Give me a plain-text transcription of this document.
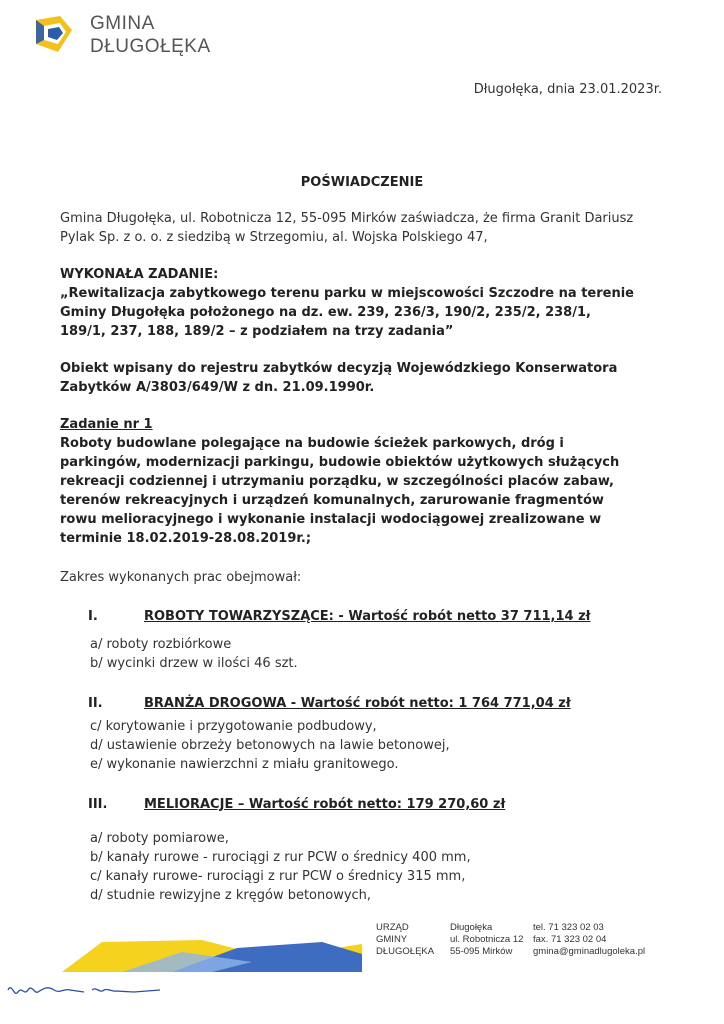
GMINA
DŁUGOŁĘKA
Długołęka, dnia 23.01.2023r.
POŚWIADCZENIE
Gmina Długołęka, ul. Robotnicza 12, 55-095 Mirków zaświadcza, że firma Granit Dariusz
Pylak Sp. z o. o. z siedzibą w Strzegomiu, al. Wojska Polskiego 47,
WYKONAŁA ZADANIE:
„Rewitalizacja zabytkowego terenu parku w miejscowości Szczodre na terenie
Gminy Długołęka położonego na dz. ew. 239, 236/3, 190/2, 235/2, 238/1,
189/1, 237, 188, 189/2 – z podziałem na trzy zadania”
Obiekt wpisany do rejestru zabytków decyzją Wojewódzkiego Konserwatora
Zabytków A/3803/649/W z dn. 21.09.1990r.
Zadanie nr 1
Roboty budowlane polegające na budowie ścieżek parkowych, dróg i
parkingów, modernizacji parkingu, budowie obiektów użytkowych służących
rekreacji codziennej i utrzymaniu porządku, w szczególności placów zabaw,
terenów rekreacyjnych i urządzeń komunalnych, zarurowanie fragmentów
rowu melioracyjnego i wykonanie instalacji wodociągowej zrealizowane w
terminie 18.02.2019-28.08.2019r.;
Zakres wykonanych prac obejmował:
I.	ROBOTY TOWARZYSZĄCE: - Wartość robót netto 37 711,14 zł
a/ roboty rozbiórkowe
b/ wycinki drzew w ilości 46 szt.
II.	BRANŻA DROGOWA - Wartość robót netto: 1 764 771,04 zł
c/ korytowanie i przygotowanie podbudowy,
d/ ustawienie obrzeży betonowych na lawie betonowej,
e/ wykonanie nawierzchni z miału granitowego.
III.	MELIORACJE – Wartość robót netto: 179 270,60 zł
a/ roboty pomiarowe,
b/ kanały rurowe - rurociągi z rur PCW o średnicy 400 mm,
c/ kanały rurowe- rurociągi z rur PCW o średnicy 315 mm,
d/ studnie rewizyjne z kręgów betonowych,
URZĄD
GMINY
DŁUGOŁĘKA
Długołęka
ul. Robotnicza 12
55-095 Mirków
tel. 71 323 02 03
fax. 71 323 02 04
gmina@gminadlugoleka.pl
